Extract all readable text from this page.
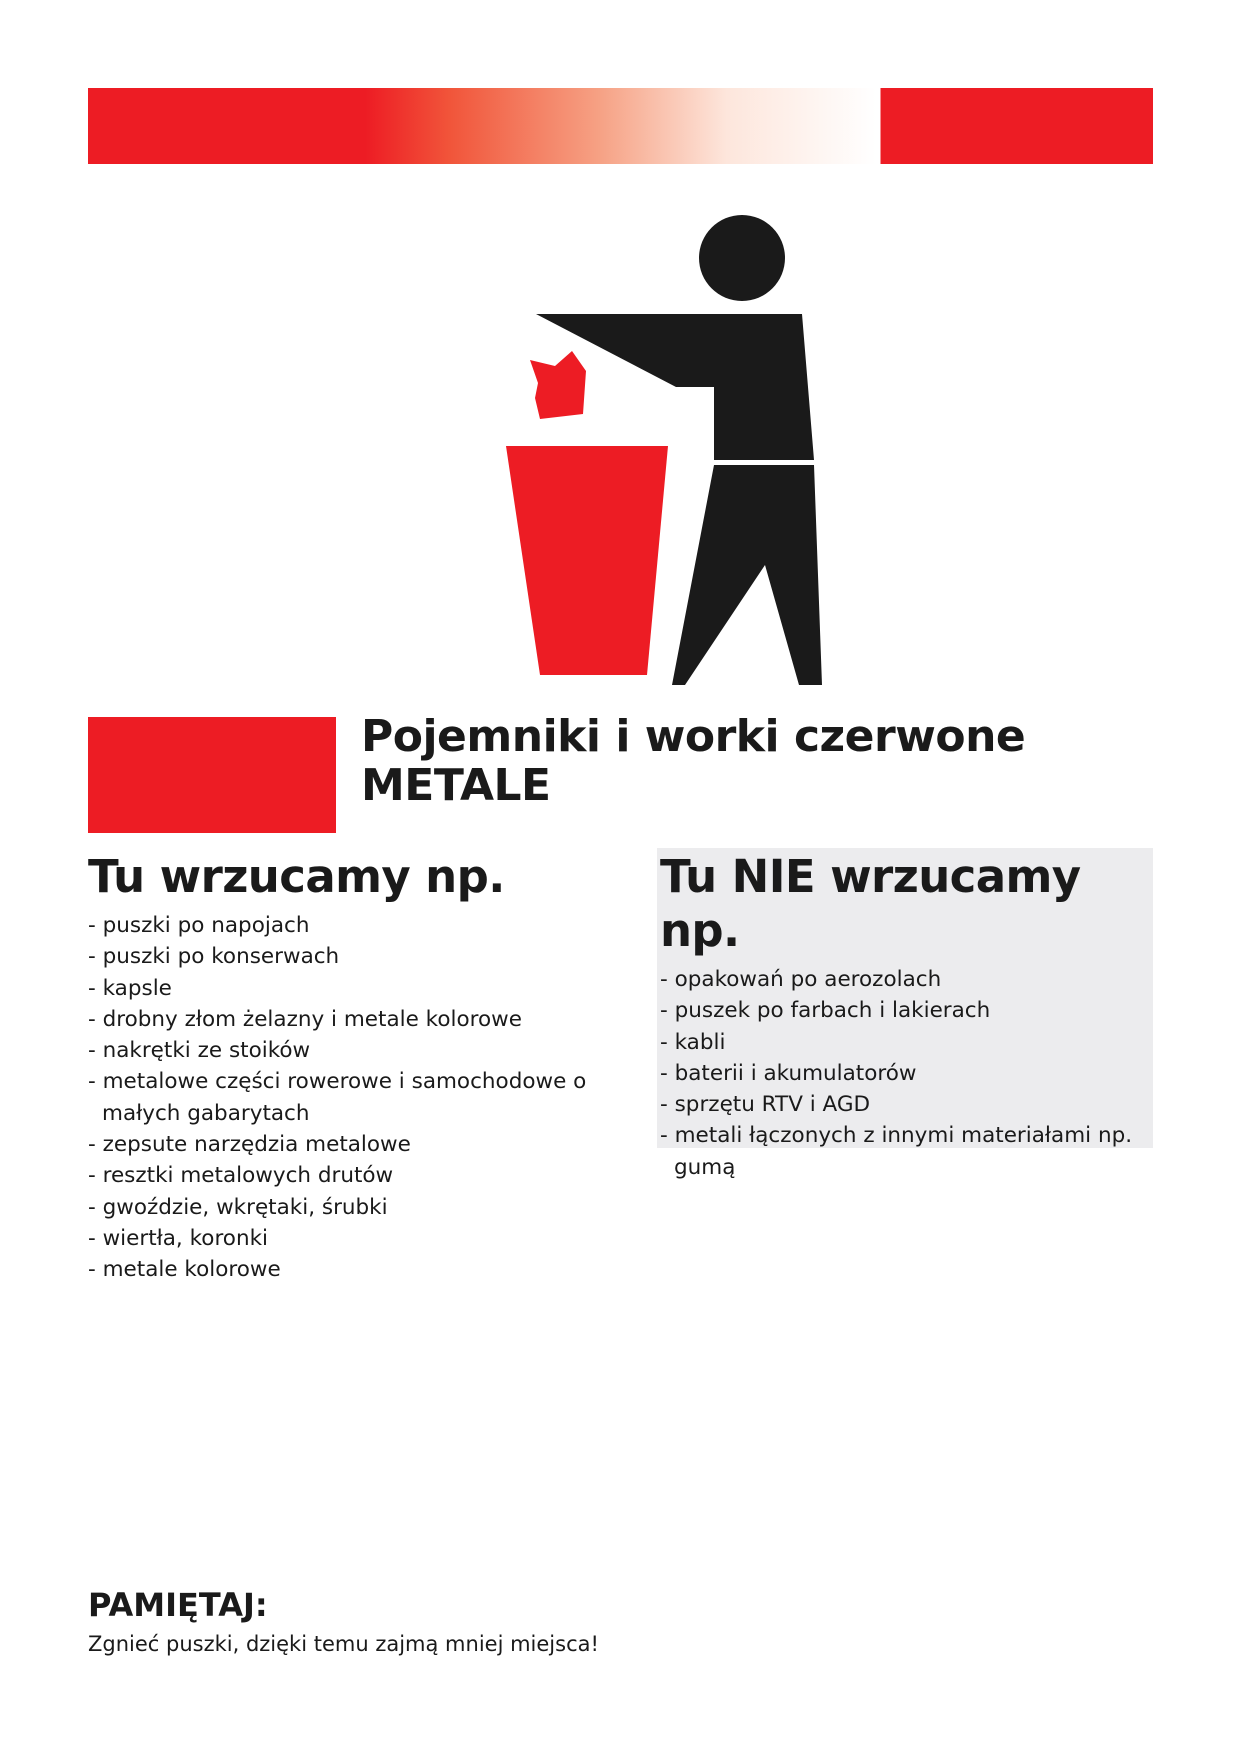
Pojemniki i worki czerwone
METALE
Tu wrzucamy np.
- puszki po napojach
- puszki po konserwach
- kapsle
- drobny złom żelazny i metale kolorowe
- nakrętki ze stoików
- metalowe części rowerowe i samochodowe o małych gabarytach
- zepsute narzędzia metalowe
- resztki metalowych drutów
- gwoździe, wkrętaki, śrubki
- wiertła, koronki
- metale kolorowe
Tu NIE wrzucamy np.
- opakowań po aerozolach
- puszek po farbach i lakierach
- kabli
- baterii i akumulatorów
- sprzętu RTV i AGD
- metali łączonych z innymi materiałami np. gumą
PAMIĘTAJ:

Zgnieć puszki, dzięki temu zajmą mniej miejsca!
